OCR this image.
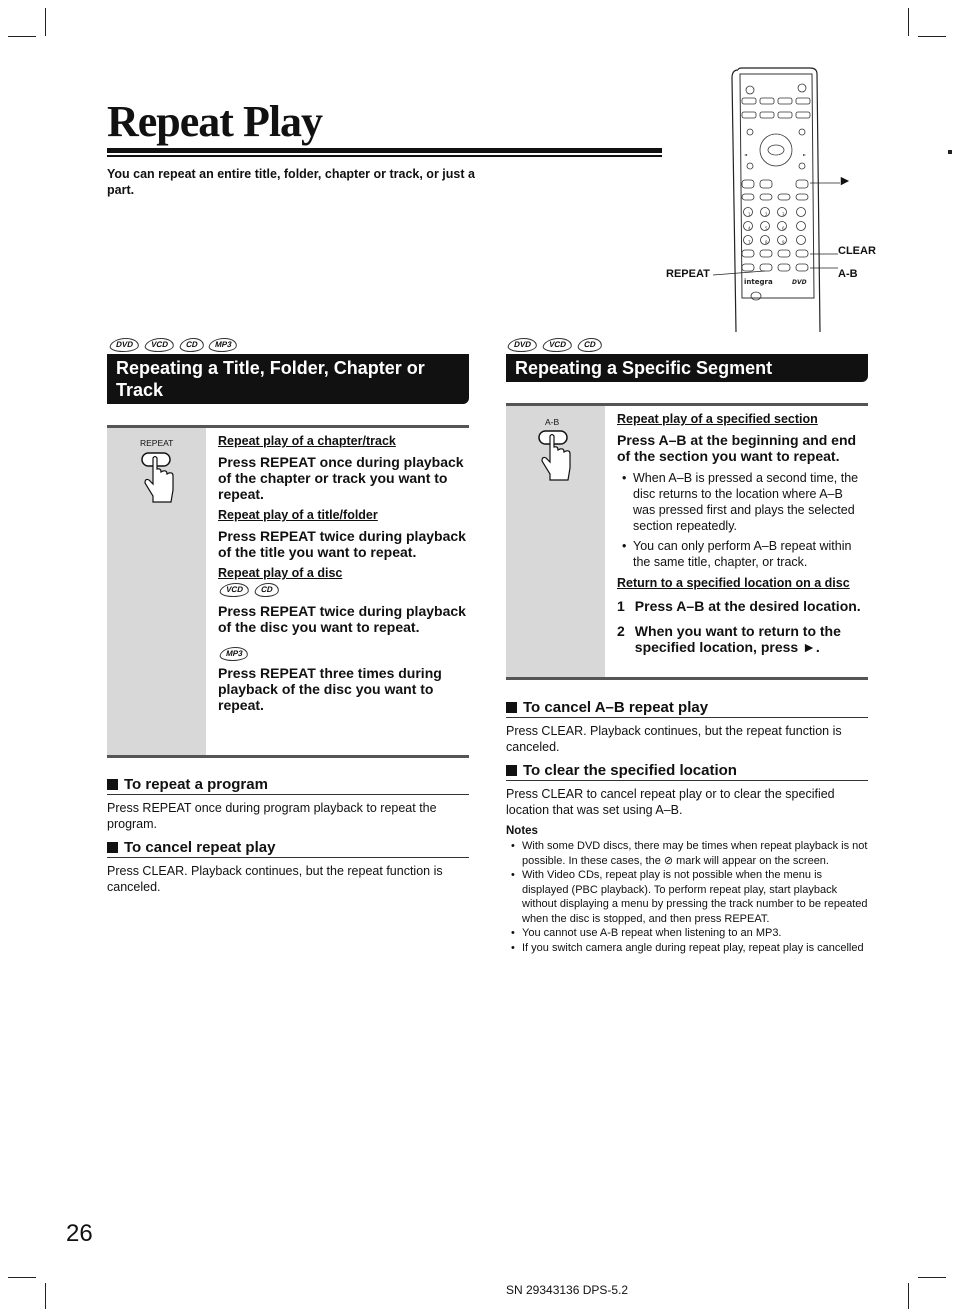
Repeat Play
You can repeat an entire title, folder, chapter or track, or just a part.
◄	►
1	2	3
4	5	6
7	8	9
integra	DVD
►
CLEAR
A-B
REPEAT
DVD	VCD	CD	MP3
Repeating a Title, Folder, Chapter or Track
REPEAT	Repeat play of a chapter/track
Press REPEAT once during playback of the chapter or track you want to repeat.
Repeat play of a title/folder
Press REPEAT twice during playback of the title you want to repeat.
Repeat play of a disc
VCD	CD
Press REPEAT twice during playback of the disc you want to repeat.
MP3
Press REPEAT three times during playback of the disc you want to repeat.
To repeat a program
Press REPEAT once during program playback to repeat the program.
To cancel repeat play
Press CLEAR. Playback continues, but the repeat function is canceled.
DVD	VCD	CD
Repeating a Specific Segment
A-B	Repeat play of a specified section
Press A–B at the beginning and end of the section you want to repeat.
• When A–B is pressed a second time, the disc returns to the location where A–B was pressed first and plays the selected section repeatedly.
• You can only perform A–B repeat within the same title, chapter, or track.
Return to a specified location on a disc
1 Press A–B at the desired location.
2 When you want to return to the specified location, press ►.
To cancel A–B repeat play
Press CLEAR. Playback continues, but the repeat function is canceled.
To clear the specified location
Press CLEAR to cancel repeat play or to clear the specified location that was set using A–B.
Notes
• With some DVD discs, there may be times when repeat playback is not possible. In these cases, the ⊘ mark will appear on the screen.
• With Video CDs, repeat play is not possible when the menu is displayed (PBC playback). To perform repeat play, start playback without displaying a menu by pressing the track number to be repeated when the disc is stopped, and then press REPEAT.
• You cannot use A-B repeat when listening to an MP3.
• If you switch camera angle during repeat play, repeat play is cancelled
26
SN 29343136 DPS-5.2
